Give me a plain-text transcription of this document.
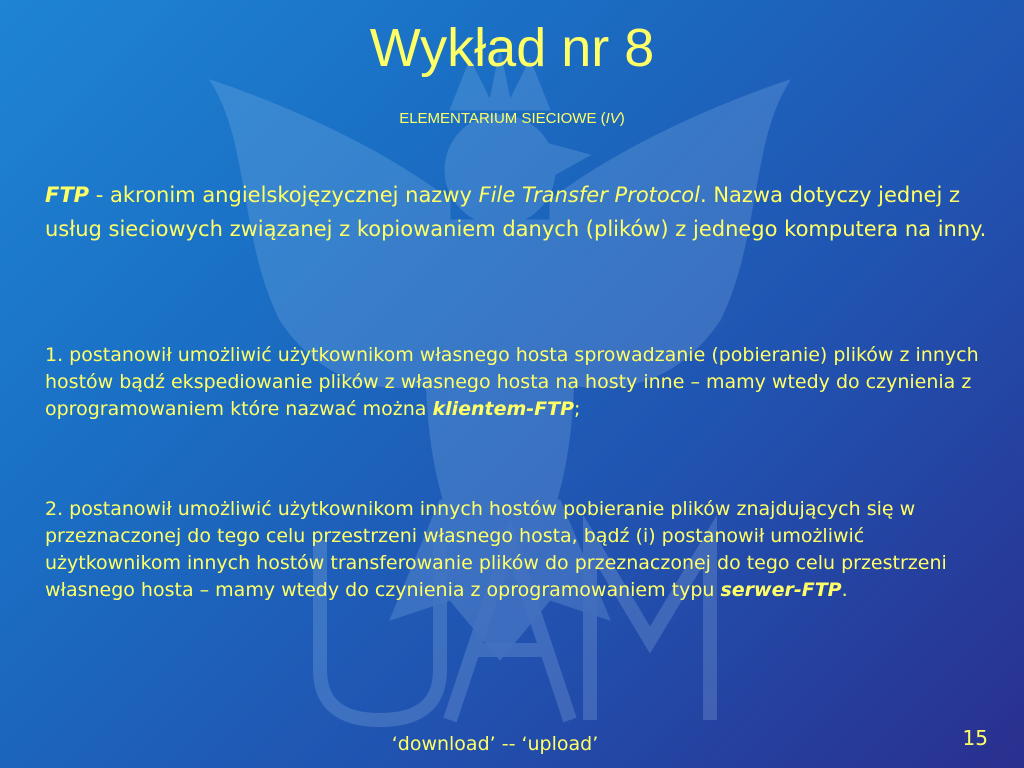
Wykład nr 8
ELEMENTARIUM SIECIOWE (IV)
FTP - akronim angielskojęzycznej nazwy File Transfer Protocol. Nazwa dotyczy jednej z usług sieciowych związanej z kopiowaniem danych (plików) z jednego komputera na inny.
1. postanowił umożliwić użytkownikom własnego hosta sprowadzanie (pobieranie) plików z innych hostów bądź ekspediowanie plików z własnego hosta na hosty inne – mamy wtedy do czynienia z oprogramowaniem które nazwać można klientem-FTP;
2. postanowił umożliwić użytkownikom innych hostów pobieranie plików znajdujących się w przeznaczonej do tego celu przestrzeni własnego hosta, bądź (i) postanowił umożliwić użytkownikom innych hostów transferowanie plików do przeznaczonej do tego celu przestrzeni własnego hosta – mamy wtedy do czynienia z oprogramowaniem typu serwer-FTP.
‘download’ -- ‘upload’	15
